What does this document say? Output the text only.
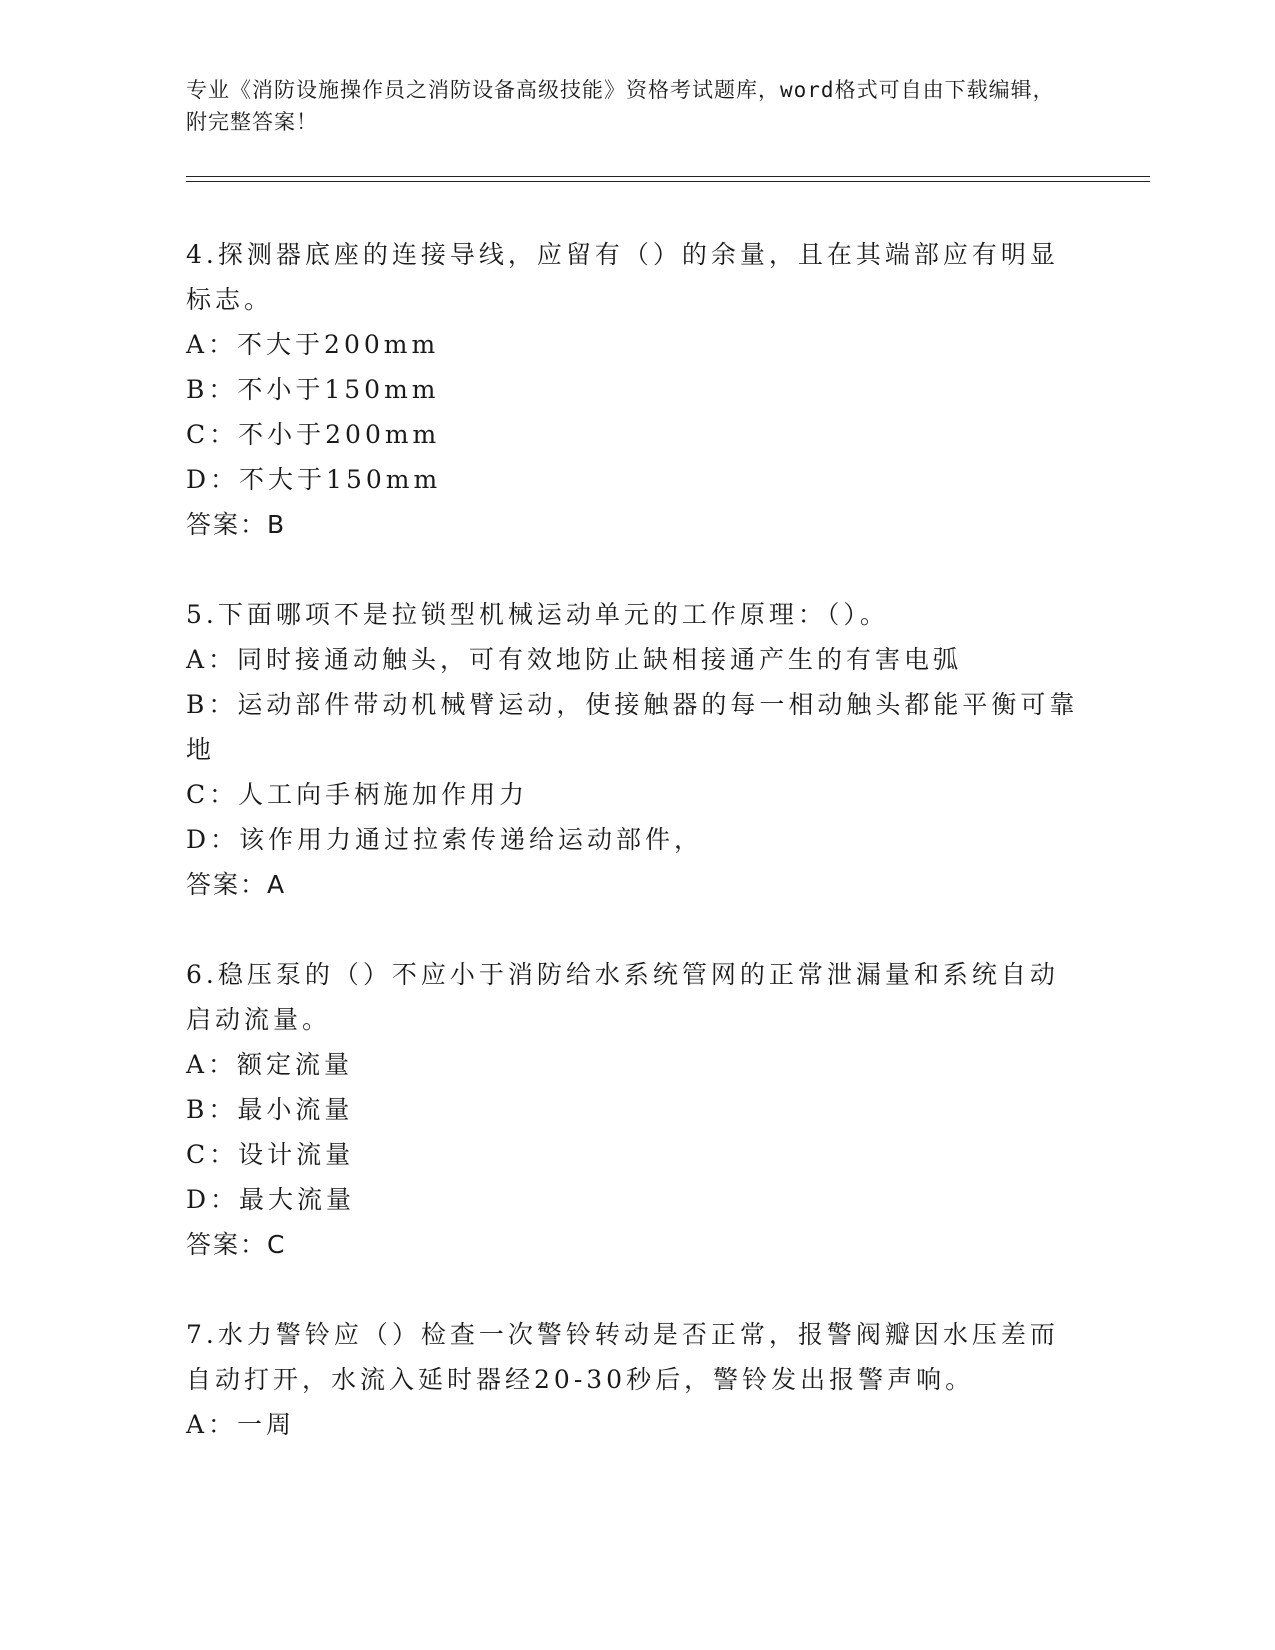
专业《消防设施操作员之消防设备高级技能》资格考试题库，word格式可自由下载编辑，附完整答案！
4.探测器底座的连接导线，应留有（）的余量，且在其端部应有明显标志。
A：不大于200mm
B：不小于150mm
C：不小于200mm
D：不大于150mm
答案：B
5.下面哪项不是拉锁型机械运动单元的工作原理：（）。
A：同时接通动触头，可有效地防止缺相接通产生的有害电弧
B：运动部件带动机械臂运动，使接触器的每一相动触头都能平衡可靠地
C：人工向手柄施加作用力
D：该作用力通过拉索传递给运动部件，
答案：A
6.稳压泵的（）不应小于消防给水系统管网的正常泄漏量和系统自动启动流量。
A：额定流量
B：最小流量
C：设计流量
D：最大流量
答案：C
7.水力警铃应（）检查一次警铃转动是否正常，报警阀瓣因水压差而自动打开，水流入延时器经20-30秒后，警铃发出报警声响。
A：一周
